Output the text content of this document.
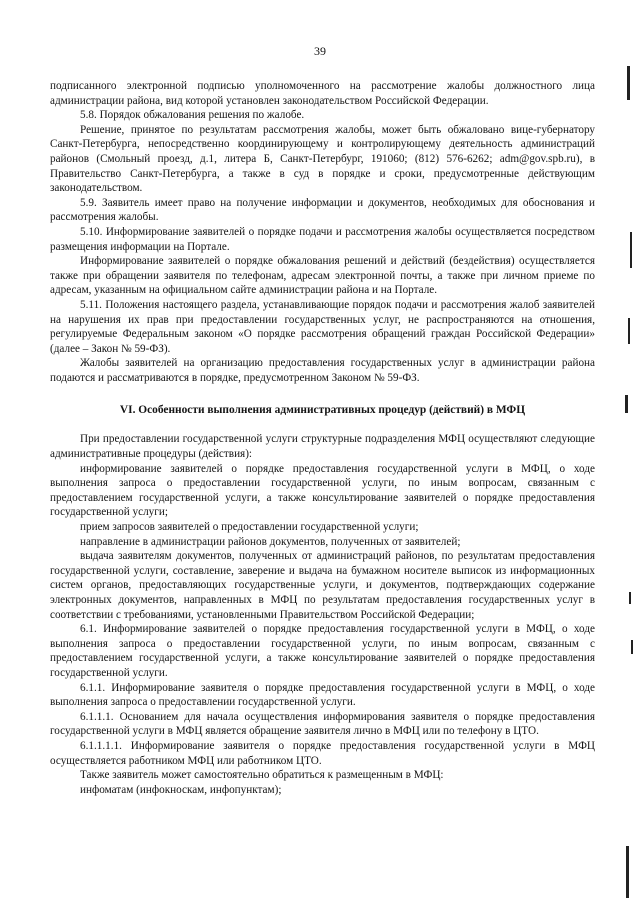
39

подписанного электронной подписью уполномоченного на рассмотрение жалобы должностного лица администрации района, вид которой установлен законодательством Российской Федерации.

5.8. Порядок обжалования решения по жалобе.

Решение, принятое по результатам рассмотрения жалобы, может быть обжаловано вице-губернатору Санкт-Петербурга, непосредственно координирующему и контролирующему деятельность администраций районов (Смольный проезд, д.1, литера Б, Санкт-Петербург, 191060; (812) 576-6262; adm@gov.spb.ru), в Правительство Санкт-Петербурга, а также в суд в порядке и сроки, предусмотренные действующим законодательством.

5.9. Заявитель имеет право на получение информации и документов, необходимых для обоснования и рассмотрения жалобы.

5.10. Информирование заявителей о порядке подачи и рассмотрения жалобы осуществляется посредством размещения информации на Портале.

Информирование заявителей о порядке обжалования решений и действий (бездействия) осуществляется также при обращении заявителя по телефонам, адресам электронной почты, а также при личном приеме по адресам, указанным на официальном сайте администрации района и на Портале.

5.11. Положения настоящего раздела, устанавливающие порядок подачи и рассмотрения жалоб заявителей на нарушения их прав при предоставлении государственных услуг, не распространяются на отношения, регулируемые Федеральным законом «О порядке рассмотрения обращений граждан Российской Федерации» (далее – Закон № 59-ФЗ).

Жалобы заявителей на организацию предоставления государственных услуг в администрации района подаются и рассматриваются в порядке, предусмотренном Законом № 59-ФЗ.

VI. Особенности выполнения административных процедур (действий) в МФЦ

При предоставлении государственной услуги структурные подразделения МФЦ осуществляют следующие административные процедуры (действия):

информирование заявителей о порядке предоставления государственной услуги в МФЦ, о ходе выполнения запроса о предоставлении государственной услуги, по иным вопросам, связанным с предоставлением государственной услуги, а также консультирование заявителей о порядке предоставления государственной услуги;

прием запросов заявителей о предоставлении государственной услуги;

направление в администрации районов документов, полученных от заявителей;

выдача заявителям документов, полученных от администраций районов, по результатам предоставления государственной услуги, составление, заверение и выдача на бумажном носителе выписок из информационных систем органов, предоставляющих государственные услуги, и документов, подтверждающих содержание электронных документов, направленных в МФЦ по результатам предоставления государственных услуг в соответствии с требованиями, установленными Правительством Российской Федерации;

6.1. Информирование заявителей о порядке предоставления государственной услуги в МФЦ, о ходе выполнения запроса о предоставлении государственной услуги, по иным вопросам, связанным с предоставлением государственной услуги, а также консультирование заявителей о порядке предоставления государственной услуги.

6.1.1. Информирование заявителя о порядке предоставления государственной услуги в МФЦ, о ходе выполнения запроса о предоставлении государственной услуги.

6.1.1.1. Основанием для начала осуществления информирования заявителя о порядке предоставления государственной услуги в МФЦ является обращение заявителя лично в МФЦ или по телефону в ЦТО.

6.1.1.1.1. Информирование заявителя о порядке предоставления государственной услуги в МФЦ осуществляется работником МФЦ или работником ЦТО.

Также заявитель может самостоятельно обратиться к размещенным в МФЦ:

инфоматам (инфокноскам, инфопунктам);
